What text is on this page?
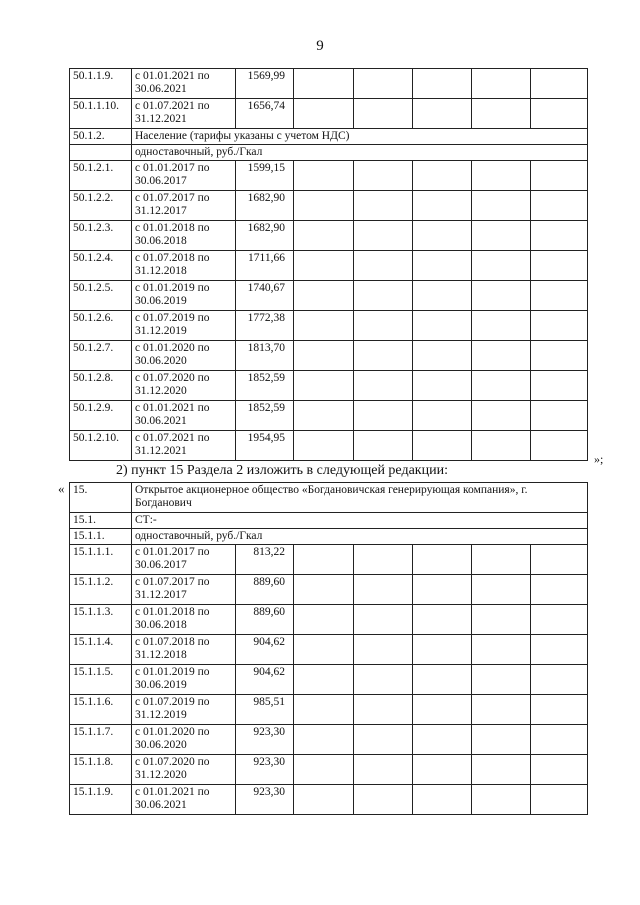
9
50.1.1.9.	с 01.01.2021 по 30.06.2021	1569,99					
50.1.1.10.	с 01.07.2021 по 31.12.2021	1656,74					
50.1.2.	Население (тарифы указаны с учетом НДС)						
	одноставочный, руб./Гкал						
50.1.2.1.	с 01.01.2017 по 30.06.2017	1599,15					
50.1.2.2.	с 01.07.2017 по 31.12.2017	1682,90					
50.1.2.3.	с 01.01.2018 по 30.06.2018	1682,90					
50.1.2.4.	с 01.07.2018 по 31.12.2018	1711,66					
50.1.2.5.	с 01.01.2019 по 30.06.2019	1740,67					
50.1.2.6.	с 01.07.2019 по 31.12.2019	1772,38					
50.1.2.7.	с 01.01.2020 по 30.06.2020	1813,70					
50.1.2.8.	с 01.07.2020 по 31.12.2020	1852,59					
50.1.2.9.	с 01.01.2021 по 30.06.2021	1852,59					
50.1.2.10.	с 01.07.2021 по 31.12.2021	1954,95					
»;
2) пункт 15 Раздела 2 изложить в следующей редакции:
« 15.	Открытое акционерное общество «Богдановичская генерирующая компания», г. Богданович						
15.1.	СТ:-						
15.1.1.	одноставочный, руб./Гкал						
15.1.1.1.	с 01.01.2017 по 30.06.2017	813,22					
15.1.1.2.	с 01.07.2017 по 31.12.2017	889,60					
15.1.1.3.	с 01.01.2018 по 30.06.2018	889,60					
15.1.1.4.	с 01.07.2018 по 31.12.2018	904,62					
15.1.1.5.	с 01.01.2019 по 30.06.2019	904,62					
15.1.1.6.	с 01.07.2019 по 31.12.2019	985,51					
15.1.1.7.	с 01.01.2020 по 30.06.2020	923,30					
15.1.1.8.	с 01.07.2020 по 31.12.2020	923,30					
15.1.1.9.	с 01.01.2021 по 30.06.2021	923,30					
